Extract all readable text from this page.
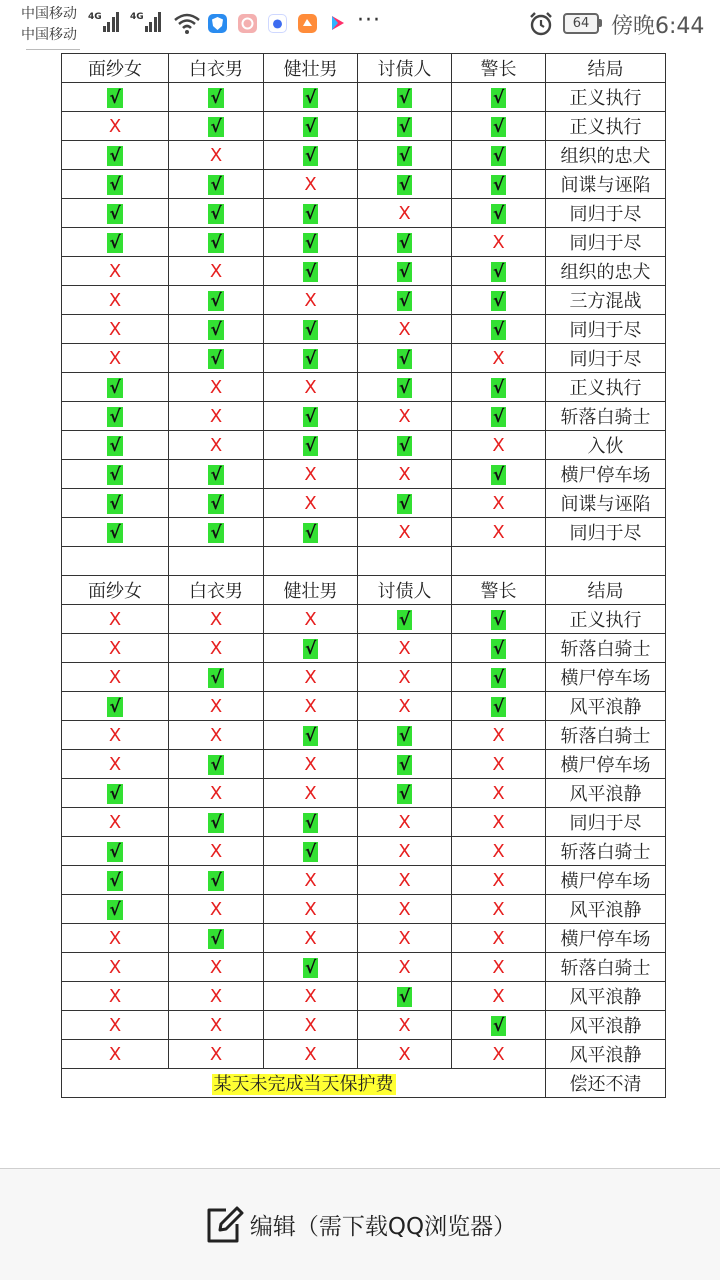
中国移动
中国移动
4G	4G	···	64 傍晚6:44
面纱女	白衣男	健壮男	讨债人	警长	结局
√	√	√	√	√	正义执行
X	√	√	√	√	正义执行
√	X	√	√	√	组织的忠犬
√	√	X	√	√	间谍与诬陷
√	√	√	X	√	同归于尽
√	√	√	√	X	同归于尽
X	X	√	√	√	组织的忠犬
X	√	X	√	√	三方混战
X	√	√	X	√	同归于尽
X	√	√	√	X	同归于尽
√	X	X	√	√	正义执行
√	X	√	X	√	斩落白骑士
√	X	√	√	X	入伙
√	√	X	X	√	横尸停车场
√	√	X	√	X	间谍与诬陷
√	√	√	X	X	同归于尽

面纱女	白衣男	健壮男	讨债人	警长	结局
X	X	X	√	√	正义执行
X	X	√	X	√	斩落白骑士
X	√	X	X	√	横尸停车场
√	X	X	X	√	风平浪静
X	X	√	√	X	斩落白骑士
X	√	X	√	X	横尸停车场
√	X	X	√	X	风平浪静
X	√	√	X	X	同归于尽
√	X	√	X	X	斩落白骑士
√	√	X	X	X	横尸停车场
√	X	X	X	X	风平浪静
X	√	X	X	X	横尸停车场
X	X	√	X	X	斩落白骑士
X	X	X	√	X	风平浪静
X	X	X	X	√	风平浪静
X	X	X	X	X	风平浪静
某天未完成当天保护费					偿还不清
编辑（需下载QQ浏览器）
